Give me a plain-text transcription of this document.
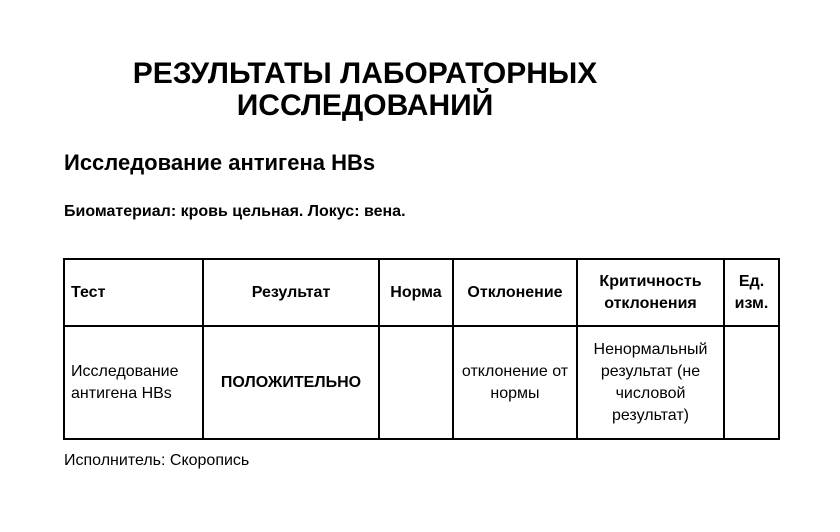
РЕЗУЛЬТАТЫ ЛАБОРАТОРНЫХ
ИССЛЕДОВАНИЙ
Исследование антигена HBs

Биоматериал: кровь цельная. Локус: вена.

Тест	Результат	Норма	Отклонение	Критичность отклонения	Ед. изм.
Исследование антигена HBs	ПОЛОЖИТЕЛЬНО		отклонение от нормы	Ненормальный результат (не числовой результат)	

Исполнитель: Скоропись
